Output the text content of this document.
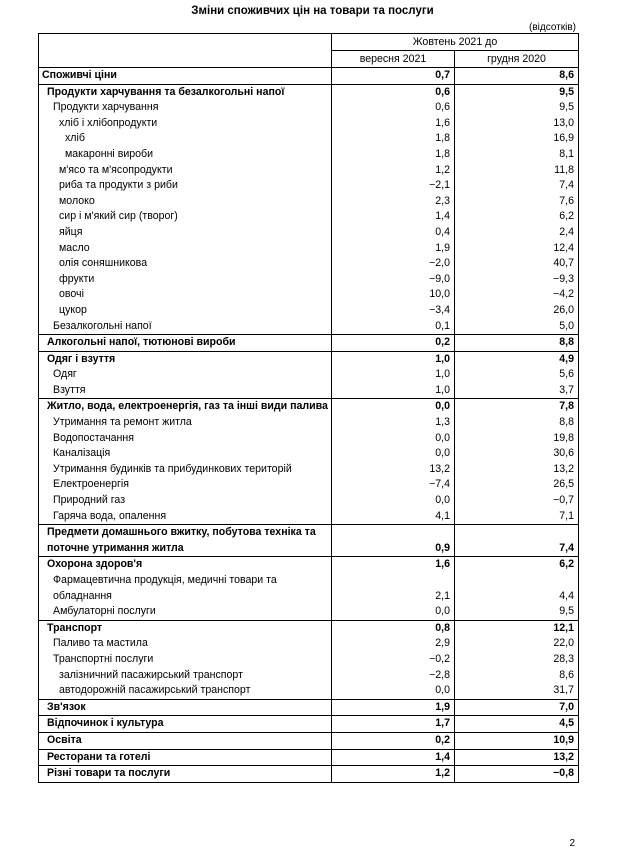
Зміни споживчих цін на товари та послуги
(відсотків)
	Жовтень 2021 до	
	вересня 2021	грудня 2020
Споживчі ціни	0,7	8,6
Продукти харчування та безалкогольні напої	0,6	9,5
Продукти харчування	0,6	9,5
хліб і хлібопродукти	1,6	13,0
хліб	1,8	16,9
макаронні вироби	1,8	8,1
м'ясо та м'ясопродукти	1,2	11,8
риба та продукти з риби	−2,1	7,4
молоко	2,3	7,6
сир і м'який сир (творог)	1,4	6,2
яйця	0,4	2,4
масло	1,9	12,4
олія соняшникова	−2,0	40,7
фрукти	−9,0	−9,3
овочі	10,0	−4,2
цукор	−3,4	26,0
Безалкогольні напої	0,1	5,0
Алкогольні напої, тютюнові вироби	0,2	8,8
Одяг і взуття	1,0	4,9
Одяг	1,0	5,6
Взуття	1,0	3,7
Житло, вода, електроенергія, газ та інші види палива	0,0	7,8
Утримання та ремонт житла	1,3	8,8
Водопостачання	0,0	19,8
Каналізація	0,0	30,6
Утримання будинків та прибудинкових територій	13,2	13,2
Електроенергія	−7,4	26,5
Природний газ	0,0	−0,7
Гаряча вода, опалення	4,1	7,1
Предмети домашнього вжитку, побутова техніка та поточне утримання житла	0,9	7,4
Охорона здоров'я	1,6	6,2
Фармацевтична продукція, медичні товари та обладнання	2,1	4,4
Амбулаторні послуги	0,0	9,5
Транспорт	0,8	12,1
Паливо та мастила	2,9	22,0
Транспортні послуги	−0,2	28,3
залізничний пасажирський транспорт	−2,8	8,6
автодорожній пасажирський транспорт	0,0	31,7
Зв'язок	1,9	7,0
Відпочинок і культура	1,7	4,5
Освіта	0,2	10,9
Ресторани та готелі	1,4	13,2
Різні товари та послуги	1,2	−0,8
2
